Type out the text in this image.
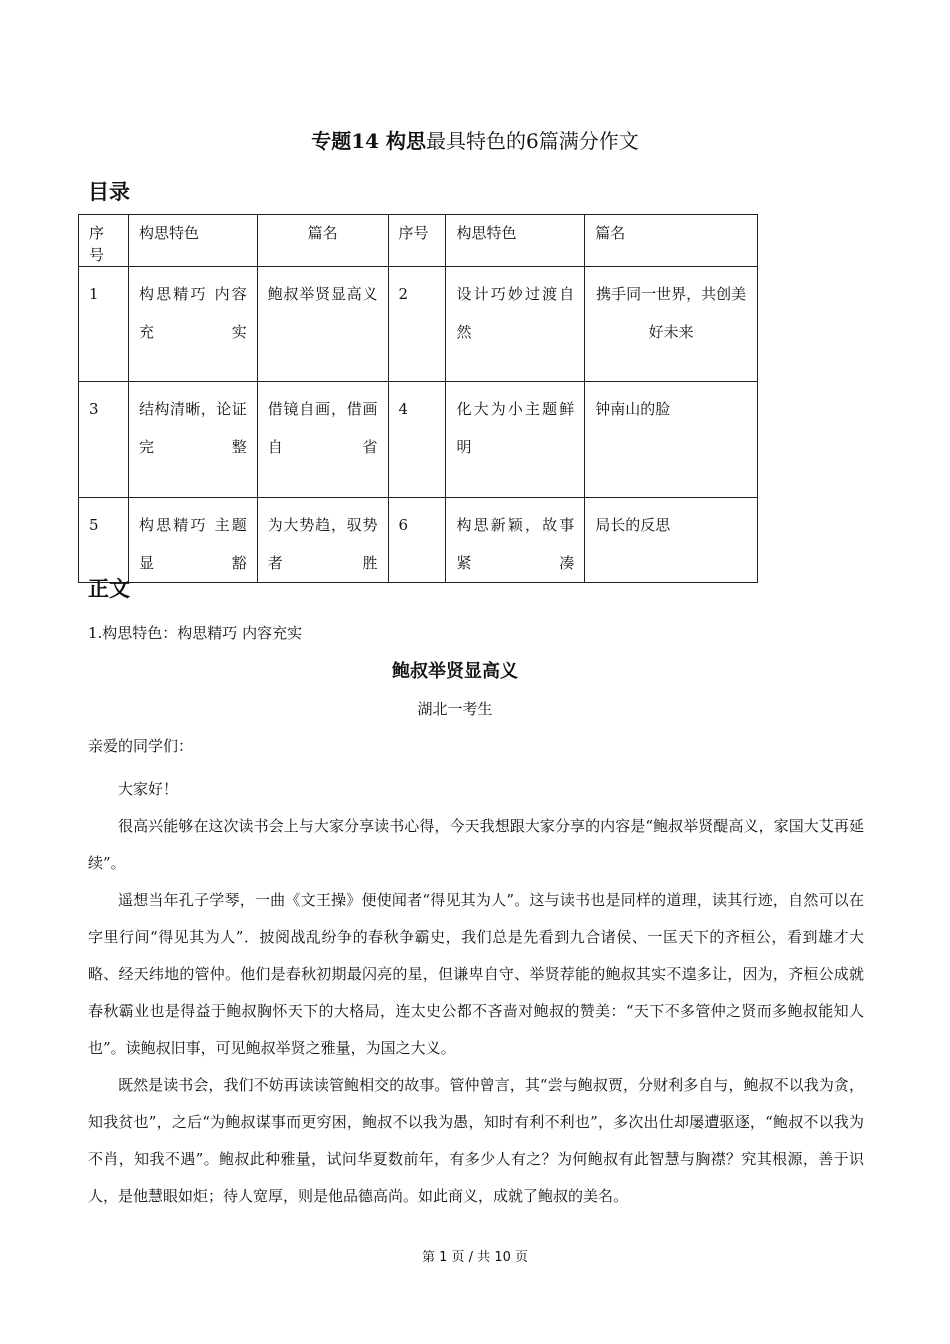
专题14 构思最具特色的6篇满分作文
目录
序号	构思特色	篇名	序号	构思特色	篇名
1	构思精巧 内容充实	鲍叔举贤显高义	2	设计巧妙过渡自然	携手同一世界，共创美好未来
3	结构清晰，论证完整	借镜自画，借画自省	4	化大为小主题鲜明	钟南山的脸
5	构思精巧 主题显豁	为大势趋，驭势者胜	6	构思新颖，故事紧凑	局长的反思
正文
1.构思特色：构思精巧 内容充实
鲍叔举贤显高义
湖北一考生
亲爱的同学们：

大家好！

很高兴能够在这次读书会上与大家分享读书心得，今天我想跟大家分享的内容是“鲍叔举贤醍高义，家国大艾再延续”。

遥想当年孔子学琴，一曲《文王操》便使闻者“得见其为人”。这与读书也是同样的道理，读其行迹，自然可以在字里行间“得见其为人”．披阅战乱纷争的春秋争霸史，我们总是先看到九合诸侯、一匡天下的齐桓公，看到雄才大略、经天纬地的管仲。他们是春秋初期最闪亮的星，但谦卑自守、举贤荐能的鲍叔其实不遑多让，因为，齐桓公成就春秋霸业也是得益于鲍叔胸怀天下的大格局，连太史公都不吝啬对鲍叔的赞美：“天下不多管仲之贤而多鲍叔能知人也”。读鲍叔旧事，可见鲍叔举贤之雅量，为国之大义。

既然是读书会，我们不妨再读读管鲍相交的故事。管仲曾言，其“尝与鲍叔贾，分财利多自与，鲍叔不以我为贪，知我贫也”，之后“为鲍叔谋事而更穷困，鲍叔不以我为愚，知时有利不利也”，多次出仕却屡遭驱逐，“鲍叔不以我为不肖，知我不遇”。鲍叔此种雅量，试问华夏数前年，有多少人有之？为何鲍叔有此智慧与胸襟？究其根源，善于识人，是他慧眼如炬；待人宽厚，则是他品德高尚。如此商义，成就了鲍叔的美名。

第 1 页 / 共 10 页
